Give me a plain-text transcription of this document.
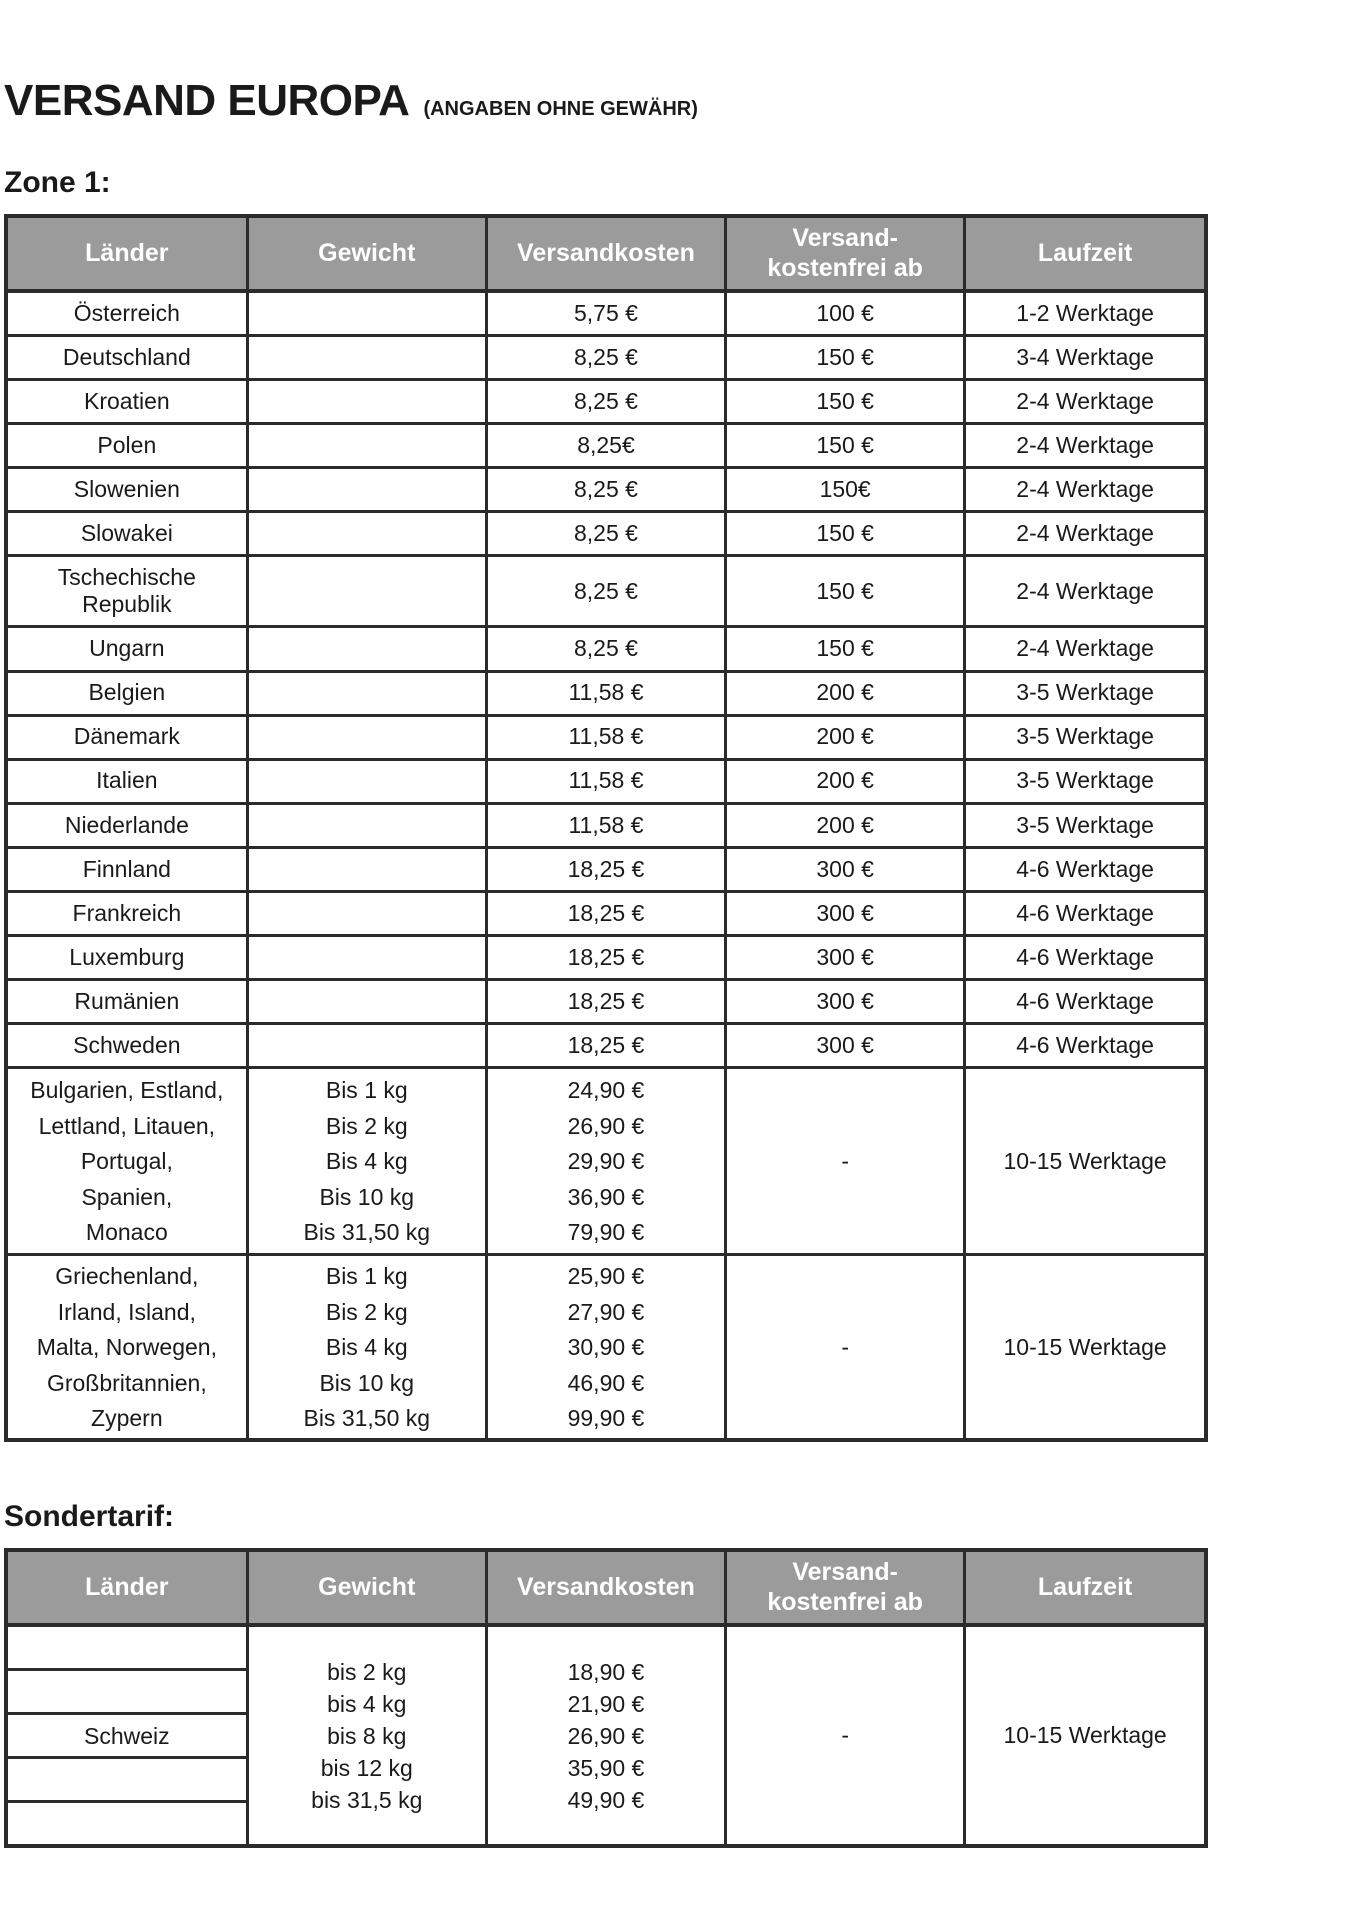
VERSAND EUROPA (ANGABEN OHNE GEWÄHR)
Zone 1:
Länder	Gewicht	Versandkosten	Versand-
kostenfrei ab	Laufzeit
Österreich		5,75 €	100 €	1-2 Werktage
Deutschland		8,25 €	150 €	3-4 Werktage
Kroatien		8,25 €	150 €	2-4 Werktage
Polen		8,25€	150 €	2-4 Werktage
Slowenien		8,25 €	150€	2-4 Werktage
Slowakei		8,25 €	150 €	2-4 Werktage
Tschechische
Republik		8,25 €	150 €	2-4 Werktage
Ungarn		8,25 €	150 €	2-4 Werktage
Belgien		11,58 €	200 €	3-5 Werktage
Dänemark		11,58 €	200 €	3-5 Werktage
Italien		11,58 €	200 €	3-5 Werktage
Niederlande		11,58 €	200 €	3-5 Werktage
Finnland		18,25 €	300 €	4-6 Werktage
Frankreich		18,25 €	300 €	4-6 Werktage
Luxemburg		18,25 €	300 €	4-6 Werktage
Rumänien		18,25 €	300 €	4-6 Werktage
Schweden		18,25 €	300 €	4-6 Werktage
Bulgarien, Estland,
Lettland, Litauen,
Portugal,
Spanien,
Monaco	Bis 1 kg
Bis 2 kg
Bis 4 kg
Bis 10 kg
Bis 31,50 kg	24,90 €
26,90 €
29,90 €
36,90 €
79,90 €	-	10-15 Werktage
Griechenland,
Irland, Island,
Malta, Norwegen,
Großbritannien,
Zypern	Bis 1 kg
Bis 2 kg
Bis 4 kg
Bis 10 kg
Bis 31,50 kg	25,90 €
27,90 €
30,90 €
46,90 €
99,90 €	-	10-15 Werktage
Sondertarif:
Länder	Gewicht	Versandkosten	Versand-
kostenfrei ab	Laufzeit

Schweiz	bis 2 kg
bis 4 kg
bis 8 kg
bis 12 kg
bis 31,5 kg	18,90 €
21,90 €
26,90 €
35,90 €
49,90 €	-	10-15 Werktage
